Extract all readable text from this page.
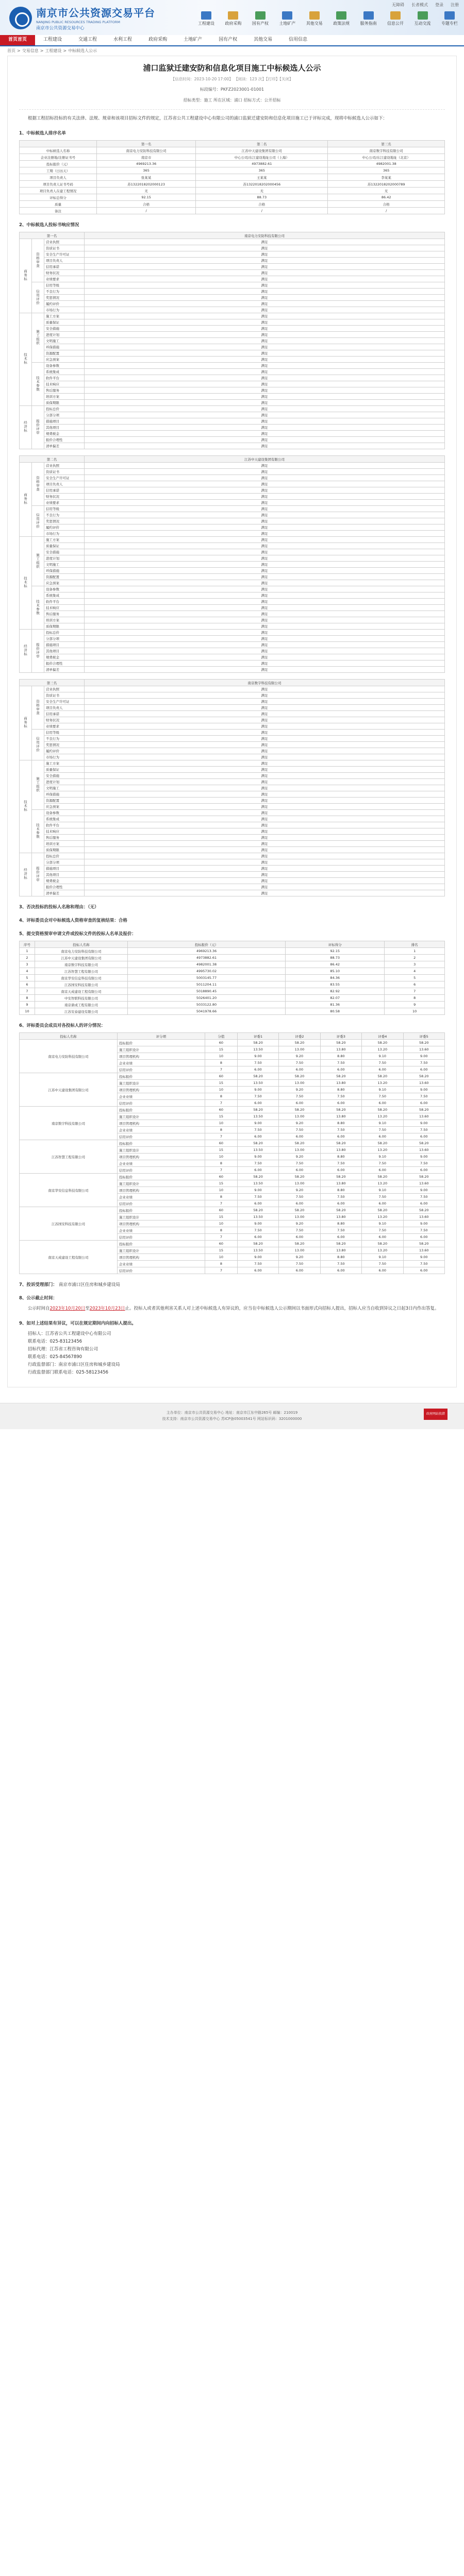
南京市公共资源交易平台
NANJING PUBLIC RESOURCES TRADING PLATFORM
南京市公共资源交易中心
无障碍 长者模式 登录 注册
工程建设	政府采购	国有产权	土地矿产	其他交易	政策法规	服务指南	信息公开	互动交流	专题专栏
首页首页	工程建设	交通工程	水利工程	政府采购	土地矿产	国有产权	其他交易	信用信息
首页 > 交易信息 > 工程建设 > 中标候选人公示
浦口监狱迁建安防和信息化项目施工中标候选人公示
【信息时间：2023-10-20 17:00】 【阅读：123 次】【打印】【关闭】
标段编号：PKFZ2023001-01001
招标类型：施工 所在区域：浦口 招标方式：公开招标

根据工程招标投标的有关法律、法规、规章和该项目招标文件的规定，江苏省公共工程建设中心有限公司的浦口监狱迁建安防和信息化项目施工已于评标完成，现将中标候选人公示如下：

1、中标候选人排序名单
	第一名	第二名	第三名
中标候选人名称	南京电力安防科技有限公司	江苏中天建设集团有限公司	南京数字科技有限公司
企业注册地/注册证书号	南京市	中心公司/东江建设地址公司（上海）	中心公司/东江建设地址（北京）
投标报价（元）	4969213.36	4973882.61	4982001.38
工期（日历天）	365	365	365
项目负责人	张某某	王某某	李某某
项目负责人证书号码	苏1322018202000123	苏1322018202000456	苏1322018202000789
项目负责人在建工程情况	无	无	无
评标总得分	92.15	88.73	86.42
质量	合格	合格	合格
备注	/	/	/
2、中标候选人投标书响应情况
第一名			南京电力安防科技有限公司
商务标	资格审查	营业执照	满足
		资质证书	满足
		安全生产许可证	满足
		项目负责人	满足
		信用承诺	满足
		财务状况	满足
		业绩要求	满足
	信用评价	信用等级	满足
		不良行为	满足
		奖惩情况	满足
		履约评价	满足
		市场行为	满足
技术标	施工组织	施工方案	满足
		质量保证	满足
		安全措施	满足
		进度计划	满足
		文明施工	满足
		环保措施	满足
		资源配置	满足
		应急预案	满足
	技术参数	设备参数	满足
		系统集成	满足
		软件平台	满足
		技术响应	满足
		售后服务	满足
		培训方案	满足
		质保期限	满足
经济标	报价评审	投标总价	满足
		分部分项	满足
		措施项目	满足
		其他项目	满足
		规费税金	满足
		报价合理性	满足
		清单偏差	满足
第二名			江苏中天建设集团有限公司
商务标	资格审查	营业执照	满足
		资质证书	满足
		安全生产许可证	满足
		项目负责人	满足
		信用承诺	满足
		财务状况	满足
		业绩要求	满足
	信用评价	信用等级	满足
		不良行为	满足
		奖惩情况	满足
		履约评价	满足
		市场行为	满足
技术标	施工组织	施工方案	满足
		质量保证	满足
		安全措施	满足
		进度计划	满足
		文明施工	满足
		环保措施	满足
		资源配置	满足
		应急预案	满足
	技术参数	设备参数	满足
		系统集成	满足
		软件平台	满足
		技术响应	满足
		售后服务	满足
		培训方案	满足
		质保期限	满足
经济标	报价评审	投标总价	满足
		分部分项	满足
		措施项目	满足
		其他项目	满足
		规费税金	满足
		报价合理性	满足
		清单偏差	满足
第三名			南京数字科技有限公司
商务标	资格审查	营业执照	满足
		资质证书	满足
		安全生产许可证	满足
		项目负责人	满足
		信用承诺	满足
		财务状况	满足
		业绩要求	满足
	信用评价	信用等级	满足
		不良行为	满足
		奖惩情况	满足
		履约评价	满足
		市场行为	满足
技术标	施工组织	施工方案	满足
		质量保证	满足
		安全措施	满足
		进度计划	满足
		文明施工	满足
		环保措施	满足
		资源配置	满足
		应急预案	满足
	技术参数	设备参数	满足
		系统集成	满足
		软件平台	满足
		技术响应	满足
		售后服务	满足
		培训方案	满足
		质保期限	满足
经济标	报价评审	投标总价	满足
		分部分项	满足
		措施项目	满足
		其他项目	满足
		规费税金	满足
		报价合理性	满足
		清单偏差	满足
3、否决投标的投标人名称和理由：（无）
4、评标委员会对中标候选人资格审查的复核结果：合格
5、提交资格预审申请文件或投标文件的投标人名单及报价：
序号	投标人名称	投标报价（元）	评标得分	排名
1	南京电力安防科技有限公司	4969213.36	92.15	1
2	江苏中天建设集团有限公司	4973882.61	88.73	2
3	南京数字科技有限公司	4982001.38	86.42	3
4	江苏智慧工程有限公司	4995730.02	85.10	4
5	南京华安信息科技有限公司	5003145.77	84.36	5
6	江苏国安科技有限公司	5011204.11	83.55	6
7	南京天成建设工程有限公司	5018890.45	82.92	7
8	中安智联科技有限公司	5026401.20	82.07	8
9	南京鼎成工程有限公司	5033122.80	81.36	9
10	江苏安泰建设有限公司	5041978.66	80.58	10
6、评标委员会成员对各投标人的评分情况：
投标人名称	评分项	分值	评委1	评委2	评委3	评委4	评委5
南京电力安防科技有限公司	投标报价	60	58.20	58.20	58.20	58.20	58.20
	施工组织设计	15	13.50	13.00	13.80	13.20	13.60
	项目管理机构	10	9.00	9.20	8.80	9.10	9.00
	企业业绩	8	7.50	7.50	7.50	7.50	7.50
	信用评价	7	6.00	6.00	6.00	6.00	6.00
江苏中天建设集团有限公司	投标报价	60	58.20	58.20	58.20	58.20	58.20
	施工组织设计	15	13.50	13.00	13.80	13.20	13.60
	项目管理机构	10	9.00	9.20	8.80	9.10	9.00
	企业业绩	8	7.50	7.50	7.50	7.50	7.50
	信用评价	7	6.00	6.00	6.00	6.00	6.00
南京数字科技有限公司	投标报价	60	58.20	58.20	58.20	58.20	58.20
	施工组织设计	15	13.50	13.00	13.80	13.20	13.60
	项目管理机构	10	9.00	9.20	8.80	9.10	9.00
	企业业绩	8	7.50	7.50	7.50	7.50	7.50
	信用评价	7	6.00	6.00	6.00	6.00	6.00
江苏智慧工程有限公司	投标报价	60	58.20	58.20	58.20	58.20	58.20
	施工组织设计	15	13.50	13.00	13.80	13.20	13.60
	项目管理机构	10	9.00	9.20	8.80	9.10	9.00
	企业业绩	8	7.50	7.50	7.50	7.50	7.50
	信用评价	7	6.00	6.00	6.00	6.00	6.00
南京华安信息科技有限公司	投标报价	60	58.20	58.20	58.20	58.20	58.20
	施工组织设计	15	13.50	13.00	13.80	13.20	13.60
	项目管理机构	10	9.00	9.20	8.80	9.10	9.00
	企业业绩	8	7.50	7.50	7.50	7.50	7.50
	信用评价	7	6.00	6.00	6.00	6.00	6.00
江苏国安科技有限公司	投标报价	60	58.20	58.20	58.20	58.20	58.20
	施工组织设计	15	13.50	13.00	13.80	13.20	13.60
	项目管理机构	10	9.00	9.20	8.80	9.10	9.00
	企业业绩	8	7.50	7.50	7.50	7.50	7.50
	信用评价	7	6.00	6.00	6.00	6.00	6.00
南京天成建设工程有限公司	投标报价	60	58.20	58.20	58.20	58.20	58.20
	施工组织设计	15	13.50	13.00	13.80	13.20	13.60
	项目管理机构	10	9.00	9.20	8.80	9.10	9.00
	企业业绩	8	7.50	7.50	7.50	7.50	7.50
	信用评价	7	6.00	6.00	6.00	6.00	6.00
7、投诉受理部门： 南京市浦口区住房和城乡建设局
8、公示截止时间：

公示时间自2023年10月20日至2023年10月23日止。投标人或者其他利害关系人对上述中标候选人有异议的，应当在中标候选人公示期间以书面形式向招标人提出，招标人应当自收到异议之日起3日内作出答复。

9、如对上述结果有异议，可以在规定期间内向招标人提出。

招标人：江苏省公共工程建设中心有限公司

联系电话：025-83123456

招标代理：江苏省工程咨询有限公司

联系电话：025-84567890

行政监督部门：南京市浦口区住房和城乡建设局

行政监督部门联系电话：025-58123456

主办单位：南京市公共资源交易中心 地址：南京市江东中路265号 邮编：210019
技术支持：南京市公共资源交易中心 苏ICP备05003541号 网站标识码：3201000000
政府网站找错
